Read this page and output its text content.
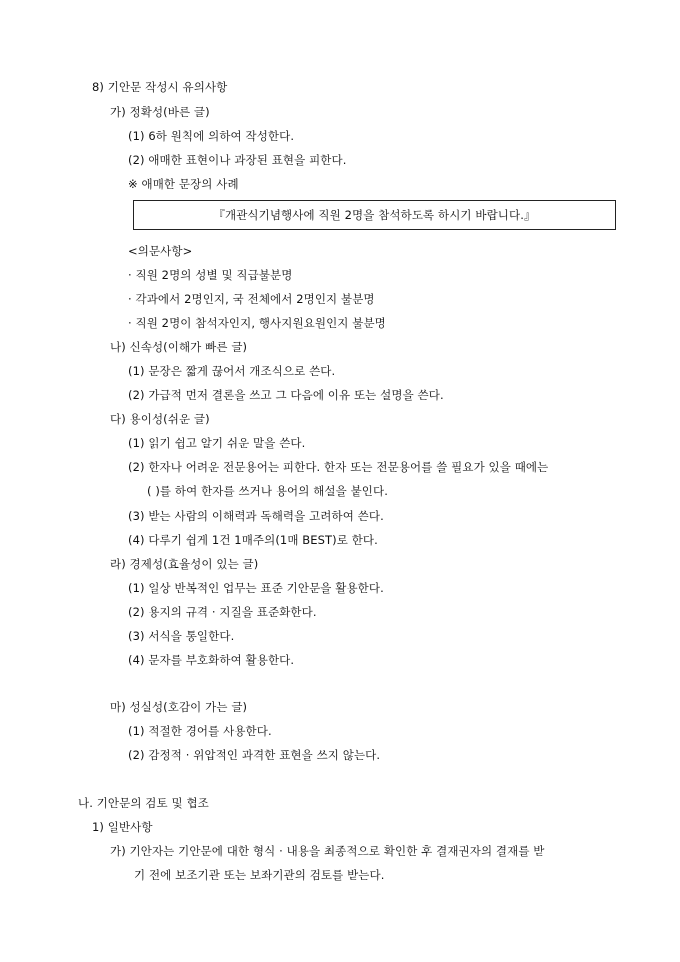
8) 기안문 작성시 유의사항
가) 정확성(바른 글)
(1) 6하 원칙에 의하여 작성한다.
(2) 애매한 표현이나 과장된 표현을 피한다.
※ 애매한 문장의 사례
『개관식기념행사에 직원 2명을 참석하도록 하시기 바랍니다.』
<의문사항>
· 직원 2명의 성별 및 직급불분명
· 각과에서 2명인지, 국 전체에서 2명인지 불분명
· 직원 2명이 참석자인지, 행사지원요원인지 불분명
나) 신속성(이해가 빠른 글)
(1) 문장은 짧게 끊어서 개조식으로 쓴다.
(2) 가급적 먼저 결론을 쓰고 그 다음에 이유 또는 설명을 쓴다.
다) 용이성(쉬운 글)
(1) 읽기 쉽고 알기 쉬운 말을 쓴다.
(2) 한자나 어려운 전문용어는 피한다. 한자 또는 전문용어를 쓸 필요가 있을 때에는
( )를 하여 한자를 쓰거나 용어의 해설을 붙인다.
(3) 받는 사람의 이해력과 독해력을 고려하여 쓴다.
(4) 다루기 쉽게 1건 1매주의(1매 BEST)로 한다.
라) 경제성(효율성이 있는 글)
(1) 일상 반복적인 업무는 표준 기안문을 활용한다.
(2) 용지의 규격 · 지질을 표준화한다.
(3) 서식을 통일한다.
(4) 문자를 부호화하여 활용한다.
마) 성실성(호감이 가는 글)
(1) 적절한 경어를 사용한다.
(2) 감정적 · 위압적인 과격한 표현을 쓰지 않는다.
나. 기안문의 검토 및 협조
1) 일반사항
가) 기안자는 기안문에 대한 형식 · 내용을 최종적으로 확인한 후 결재권자의 결재를 받
기 전에 보조기관 또는 보좌기관의 검토를 받는다.
